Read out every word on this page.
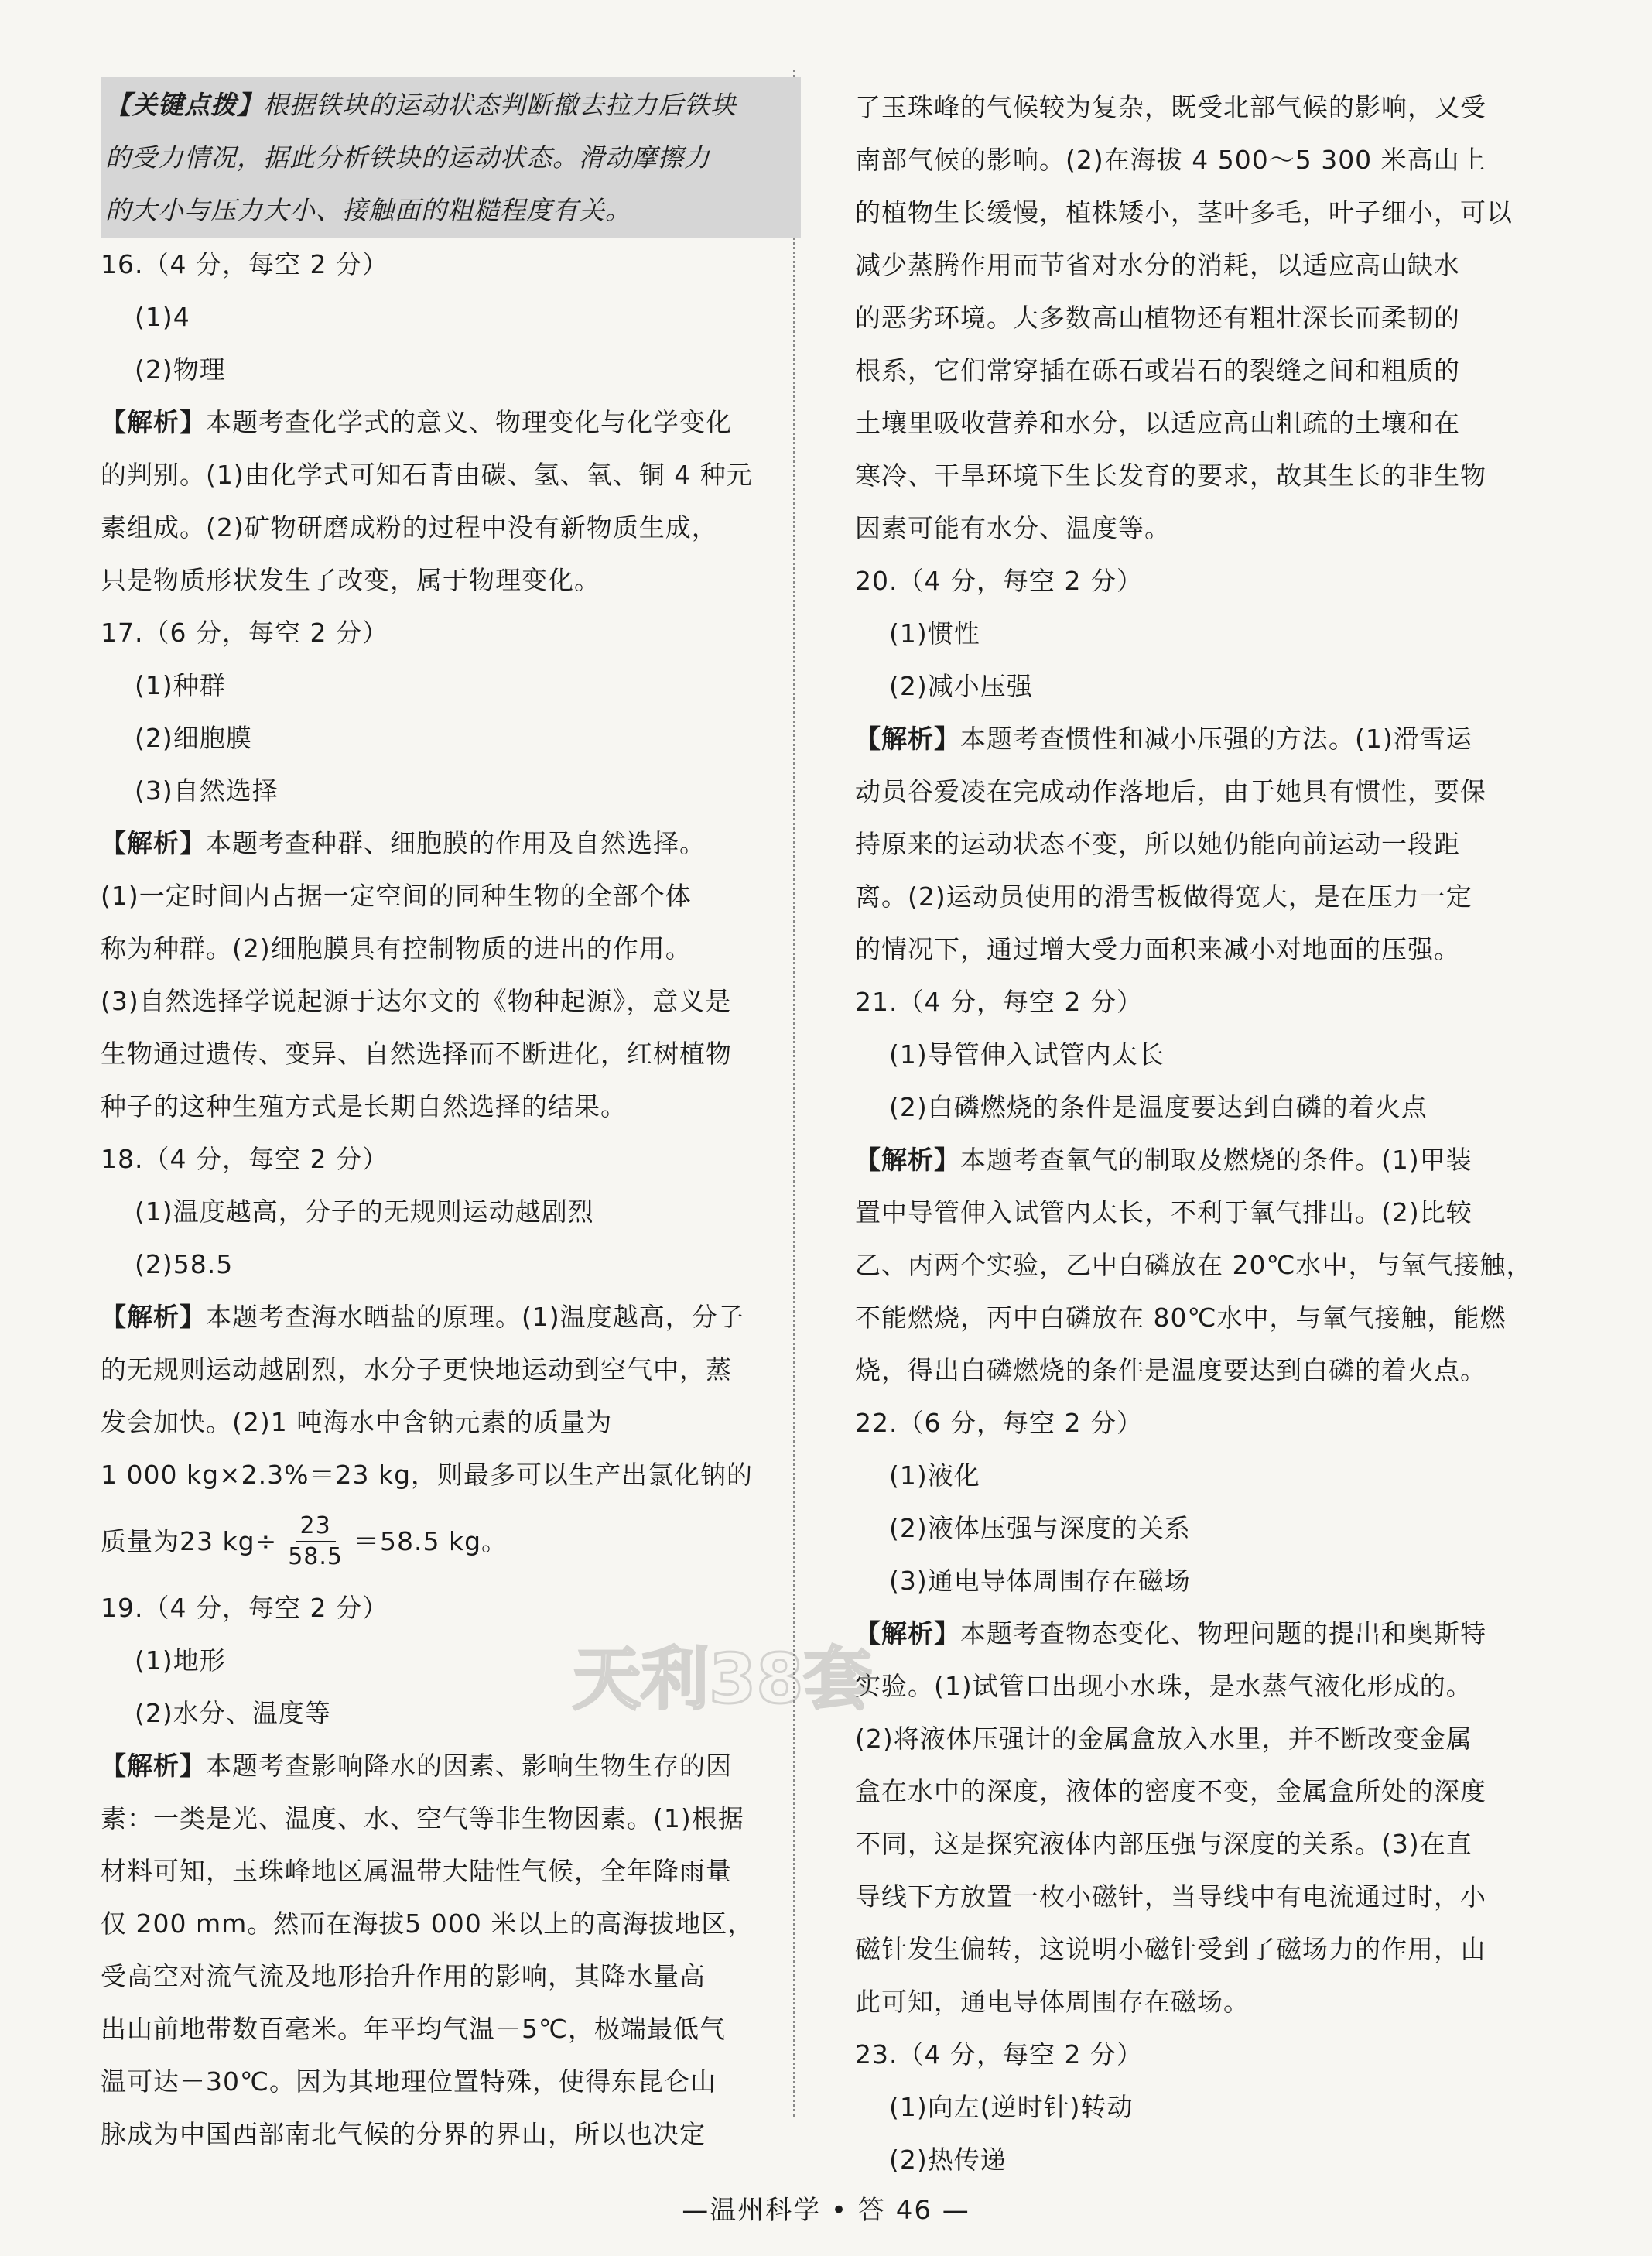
【关键点拨】根据铁块的运动状态判断撤去拉力后铁块
的受力情况，据此分析铁块的运动状态。滑动摩擦力
的大小与压力大小、接触面的粗糙程度有关。
16.（4 分，每空 2 分）
(1)4
(2)物理
【解析】本题考查化学式的意义、物理变化与化学变化
的判别。(1)由化学式可知石青由碳、氢、氧、铜 4 种元
素组成。(2)矿物研磨成粉的过程中没有新物质生成，
只是物质形状发生了改变，属于物理变化。
17.（6 分，每空 2 分）
(1)种群
(2)细胞膜
(3)自然选择
【解析】本题考查种群、细胞膜的作用及自然选择。
(1)一定时间内占据一定空间的同种生物的全部个体
称为种群。(2)细胞膜具有控制物质的进出的作用。
(3)自然选择学说起源于达尔文的《物种起源》，意义是
生物通过遗传、变异、自然选择而不断进化，红树植物
种子的这种生殖方式是长期自然选择的结果。
18.（4 分，每空 2 分）
(1)温度越高，分子的无规则运动越剧烈
(2)58.5
【解析】本题考查海水晒盐的原理。(1)温度越高，分子
的无规则运动越剧烈，水分子更快地运动到空气中，蒸
发会加快。(2)1 吨海水中含钠元素的质量为
1 000 kg×2.3%＝23 kg，则最多可以生产出氯化钠的
质量为23 $kg\div \frac{23}{58.5} =58.5$ kg。
19.（4 分，每空 2 分）
(1)地形
(2)水分、温度等
【解析】本题考查影响降水的因素、影响生物生存的因
素：一类是光、温度、水、空气等非生物因素。(1)根据
材料可知，玉珠峰地区属温带大陆性气候，全年降雨量
仅 200 mm。然而在海拔5 000 米以上的高海拔地区，
受高空对流气流及地形抬升作用的影响，其降水量高
出山前地带数百毫米。年平均气温－5℃，极端最低气
温可达－30℃。因为其地理位置特殊，使得东昆仑山
脉成为中国西部南北气候的分界的界山，所以也决定
了玉珠峰的气候较为复杂，既受北部气候的影响，又受
南部气候的影响。(2)在海拔 4 500～5 300 米高山上
的植物生长缓慢，植株矮小，茎叶多毛，叶子细小，可以
减少蒸腾作用而节省对水分的消耗，以适应高山缺水
的恶劣环境。大多数高山植物还有粗壮深长而柔韧的
根系，它们常穿插在砾石或岩石的裂缝之间和粗质的
土壤里吸收营养和水分，以适应高山粗疏的土壤和在
寒冷、干旱环境下生长发育的要求，故其生长的非生物
因素可能有水分、温度等。
20.（4 分，每空 2 分）
(1)惯性
(2)减小压强
【解析】本题考查惯性和减小压强的方法。(1)滑雪运
动员谷爱凌在完成动作落地后，由于她具有惯性，要保
持原来的运动状态不变，所以她仍能向前运动一段距
离。(2)运动员使用的滑雪板做得宽大，是在压力一定
的情况下，通过增大受力面积来减小对地面的压强。
21.（4 分，每空 2 分）
(1)导管伸入试管内太长
(2)白磷燃烧的条件是温度要达到白磷的着火点
【解析】本题考查氧气的制取及燃烧的条件。(1)甲装
置中导管伸入试管内太长，不利于氧气排出。(2)比较
乙、丙两个实验，乙中白磷放在 20℃水中，与氧气接触，
不能燃烧，丙中白磷放在 80℃水中，与氧气接触，能燃
烧，得出白磷燃烧的条件是温度要达到白磷的着火点。
22.（6 分，每空 2 分）
(1)液化
(2)液体压强与深度的关系
(3)通电导体周围存在磁场
【解析】本题考查物态变化、物理问题的提出和奥斯特
实验。(1)试管口出现小水珠，是水蒸气液化形成的。
(2)将液体压强计的金属盒放入水里，并不断改变金属
盒在水中的深度，液体的密度不变，金属盒所处的深度
不同，这是探究液体内部压强与深度的关系。(3)在直
导线下方放置一枚小磁针，当导线中有电流通过时，小
磁针发生偏转，这说明小磁针受到了磁场力的作用，由
此可知，通电导体周围存在磁场。
23.（4 分，每空 2 分）
(1)向左(逆时针)转动
(2)热传递
天利38套
—温州科学 • 答 46 —
